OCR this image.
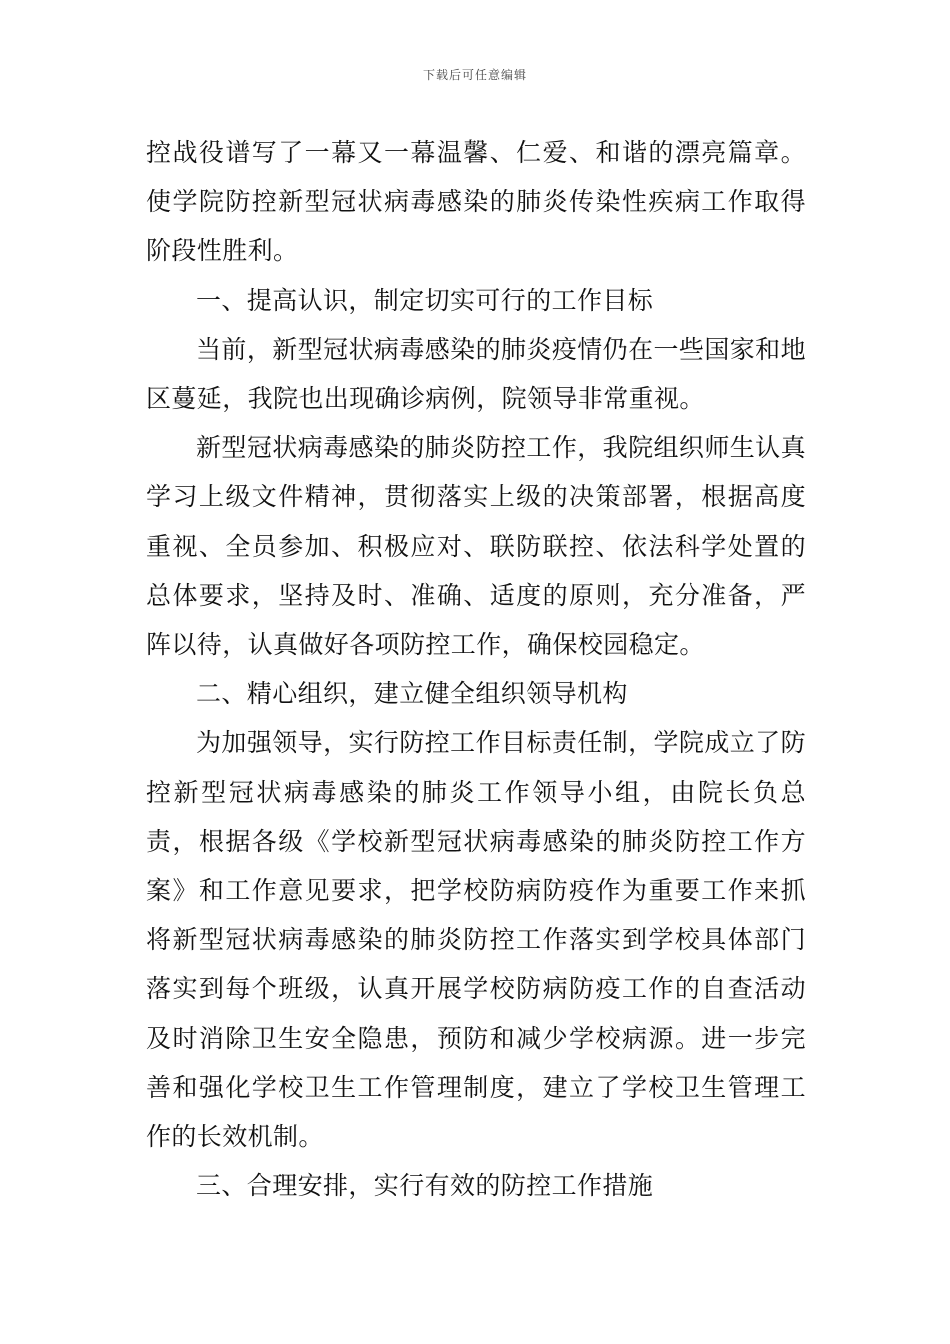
下载后可任意编辑

控战役谱写了一幕又一幕温馨、仁爱、和谐的漂亮篇章。使学院防控新型冠状病毒感染的肺炎传染性疾病工作取得阶段性胜利。

一、提高认识，制定切实可行的工作目标

当前，新型冠状病毒感染的肺炎疫情仍在一些国家和地区蔓延，我院也出现确诊病例，院领导非常重视。

新型冠状病毒感染的肺炎防控工作，我院组织师生认真学习上级文件精神，贯彻落实上级的决策部署，根据高度重视、全员参加、积极应对、联防联控、依法科学处置的总体要求，坚持及时、准确、适度的原则，充分准备，严阵以待，认真做好各项防控工作，确保校园稳定。

二、精心组织，建立健全组织领导机构

为加强领导，实行防控工作目标责任制，学院成立了防控新型冠状病毒感染的肺炎工作领导小组，由院长负总责，根据各级《学校新型冠状病毒感染的肺炎防控工作方案》和工作意见要求，把学校防病防疫作为重要工作来抓将新型冠状病毒感染的肺炎防控工作落实到学校具体部门落实到每个班级，认真开展学校防病防疫工作的自查活动及时消除卫生安全隐患，预防和减少学校病源。进一步完善和强化学校卫生工作管理制度，建立了学校卫生管理工作的长效机制。

三、合理安排，实行有效的防控工作措施
